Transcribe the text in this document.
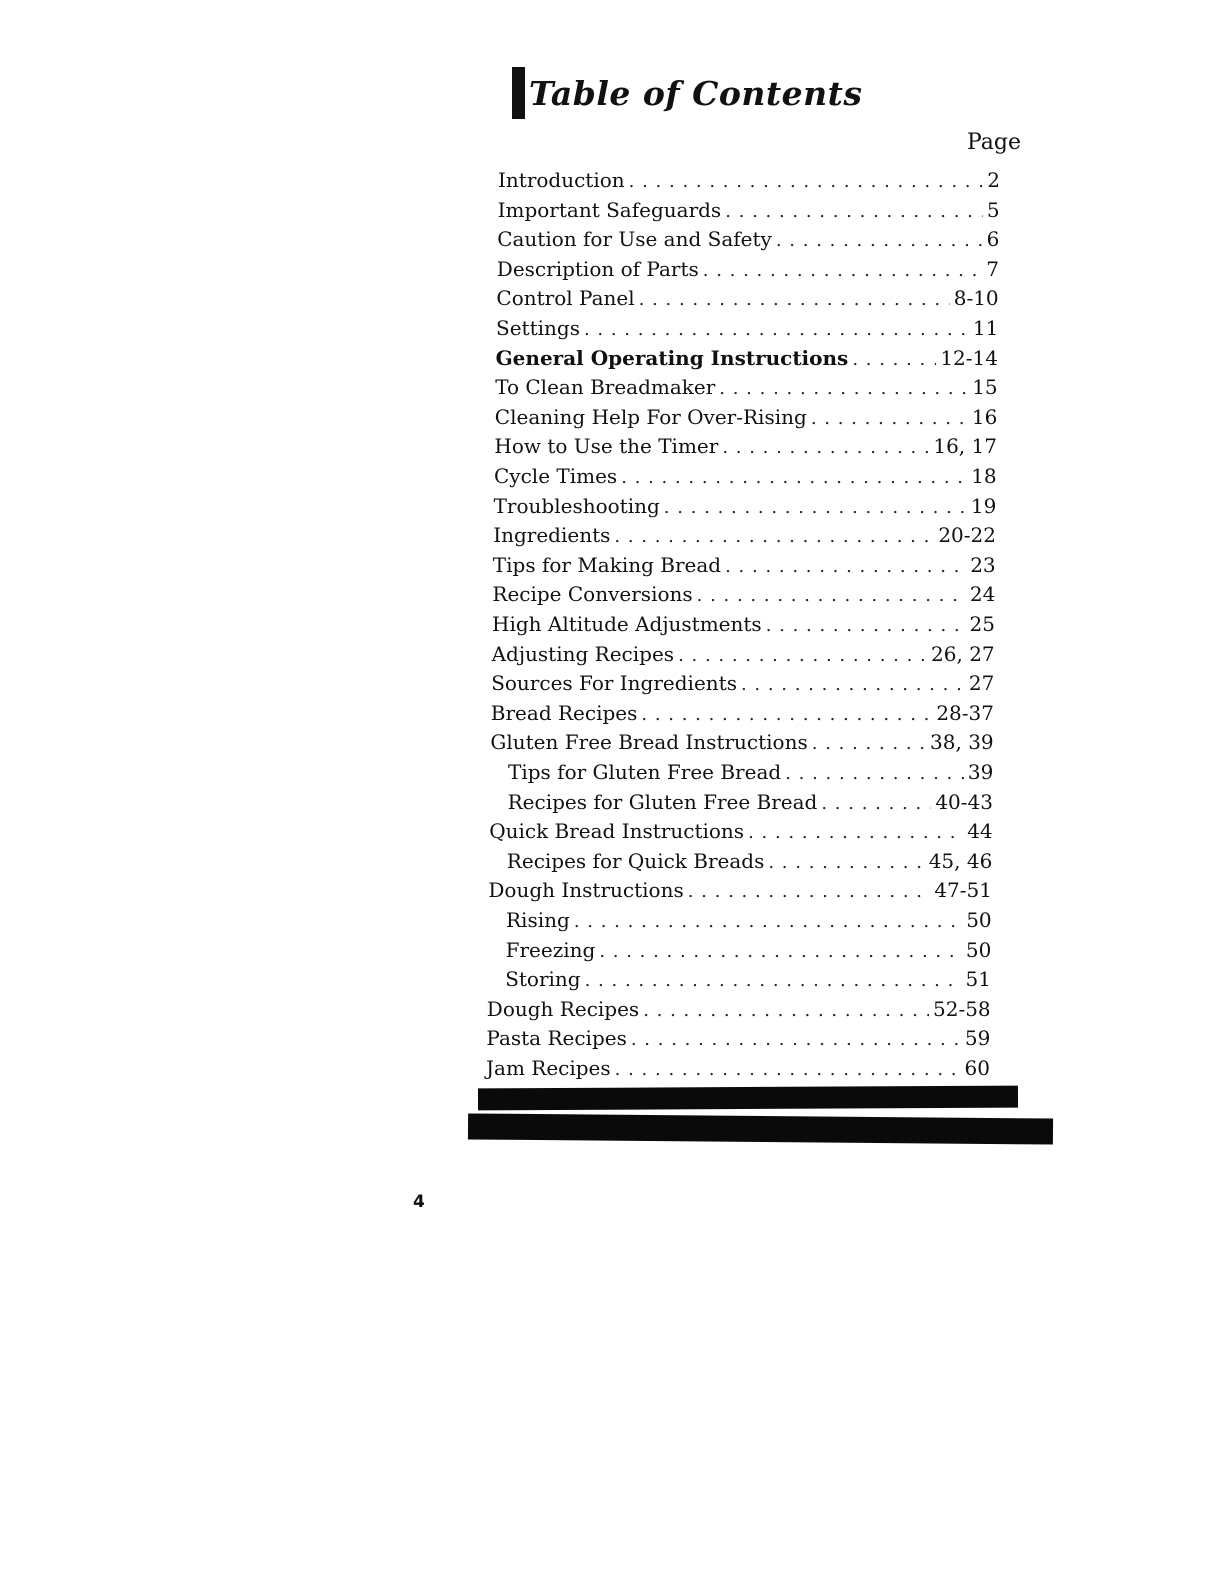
Table of Contents
Page
Introduction . . .	2
Important Safeguards . . .	5
Caution for Use and Safety . . .	6
Description of Parts . . .	7
Control Panel . . .	8-10
Settings . . .	11
General Operating Instructions . . .	12-14
To Clean Breadmaker . . .	15
Cleaning Help For Over-Rising . . .	16
How to Use the Timer . . .	16, 17
Cycle Times . . .	18
Troubleshooting . . .	19
Ingredients . . .	20-22
Tips for Making Bread . . .	23
Recipe Conversions . . .	24
High Altitude Adjustments . . .	25
Adjusting Recipes . . .	26, 27
Sources For Ingredients . . .	27
Bread Recipes . . .	28-37
Gluten Free Bread Instructions . . .	38, 39
Tips for Gluten Free Bread . . .	39
Recipes for Gluten Free Bread . . .	40-43
Quick Bread Instructions . . .	44
Recipes for Quick Breads . . .	45, 46
Dough Instructions . . .	47-51
Rising . . .	50
Freezing . . .	50
Storing . . .	51
Dough Recipes . . .	52-58
Pasta Recipes . . .	59
Jam Recipes . . .	60
4
